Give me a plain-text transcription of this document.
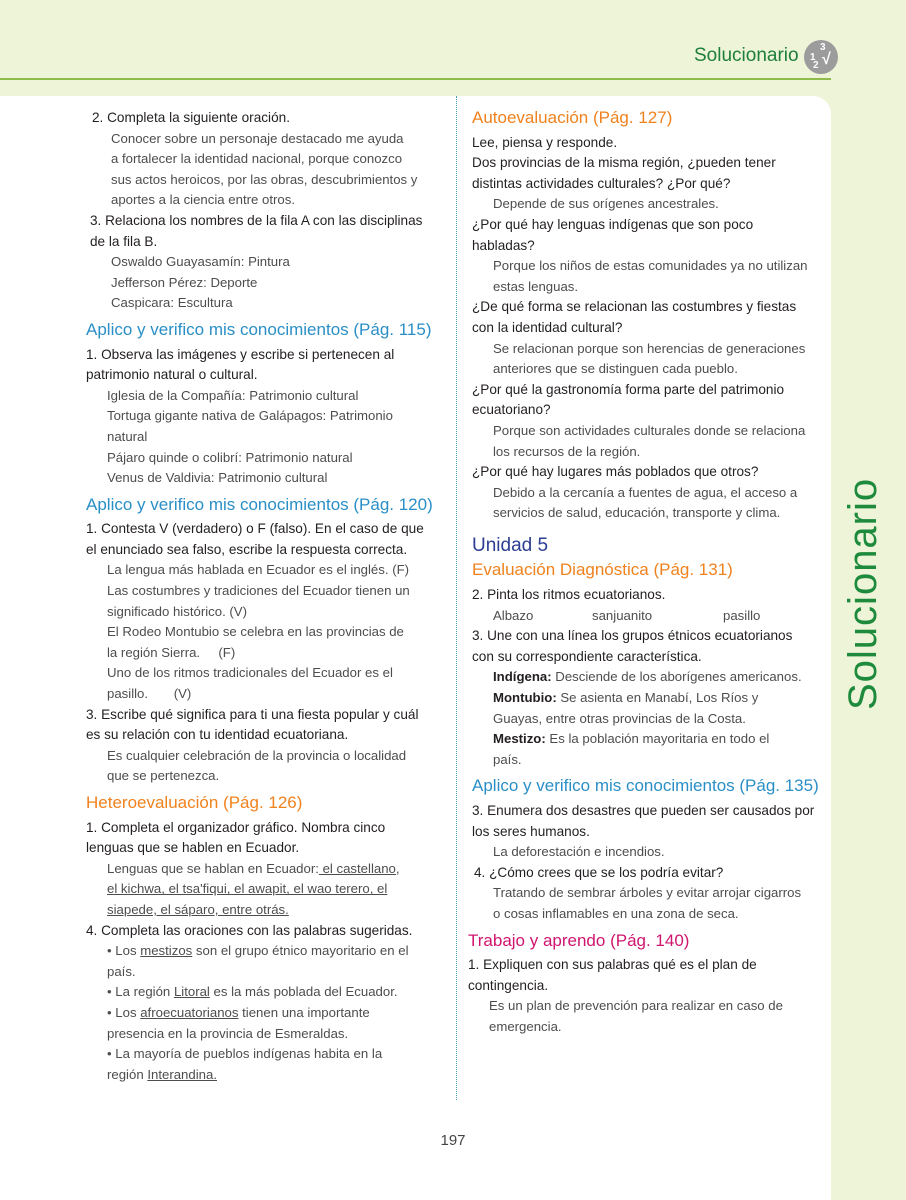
Solucionario 3
1
2 √
Solucionario

2. Completa la siguiente oración.

Conocer sobre un personaje destacado me ayuda

a fortalecer la identidad nacional, porque conozco

sus actos heroicos, por las obras, descubrimientos y

aportes a la ciencia entre otros.

3. Relaciona los nombres de la fila A con las disciplinas

de la fila B.

Oswaldo Guayasamín: Pintura

Jefferson Pérez: Deporte

Caspicara: Escultura

Aplico y verifico mis conocimientos (Pág. 115)

1. Observa las imágenes y escribe si pertenecen al

patrimonio natural o cultural.

Iglesia de la Compañía: Patrimonio cultural

Tortuga gigante nativa de Galápagos: Patrimonio

natural

Pájaro quinde o colibrí: Patrimonio natural

Venus de Valdivia: Patrimonio cultural

Aplico y verifico mis conocimientos (Pág. 120)

1. Contesta V (verdadero) o F (falso). En el caso de que

el enunciado sea falso, escribe la respuesta correcta.

La lengua más hablada en Ecuador es el inglés. (F)

Las costumbres y tradiciones del Ecuador tienen un

significado histórico. (V)

El Rodeo Montubio se celebra en las provincias de

la región Sierra.     (F)

Uno de los ritmos tradicionales del Ecuador es el

pasillo.       (V)

3. Escribe qué significa para ti una fiesta popular y cuál

es su relación con tu identidad ecuatoriana.

Es cualquier celebración de la provincia o localidad

que se pertenezca.

Heteroevaluación (Pág. 126)

1. Completa el organizador gráfico. Nombra cinco

lenguas que se hablen en Ecuador.

Lenguas que se hablan en Ecuador: el castellano,

el kichwa, el tsa'fiqui, el awapit, el wao terero, el

siapede, el sáparo, entre otrás.

4. Completa las oraciones con las palabras sugeridas.

• Los mestizos son el grupo étnico mayoritario en el

país.

• La región Litoral es la más poblada del Ecuador.

• Los afroecuatorianos tienen una importante

presencia en la provincia de Esmeraldas.

• La mayoría de pueblos indígenas habita en la

región Interandina.

Autoevaluación (Pág. 127)

Lee, piensa y responde.

Dos provincias de la misma región, ¿pueden tener

distintas actividades culturales? ¿Por qué?

Depende de sus orígenes ancestrales.

¿Por qué hay lenguas indígenas que son poco

habladas?

Porque los niños de estas comunidades ya no utilizan

estas lenguas.

¿De qué forma se relacionan las costumbres y fiestas

con la identidad cultural?

Se relacionan porque son herencias de generaciones

anteriores que se distinguen cada pueblo.

¿Por qué la gastronomía forma parte del patrimonio

ecuatoriano?

Porque son actividades culturales donde se relaciona

los recursos de la región.

¿Por qué hay lugares más poblados que otros?

Debido a la cercanía a fuentes de agua, el acceso a

servicios de salud, educación, transporte y clima.

Unidad 5

Evaluación Diagnóstica (Pág. 131)

2. Pinta los ritmos ecuatorianos.

Albazo	sanjuanito	pasillo

3. Une con una línea los grupos étnicos ecuatorianos

con su correspondiente característica.

Indígena: Desciende de los aborígenes americanos.

Montubio: Se asienta en Manabí, Los Ríos y

Guayas, entre otras provincias de la Costa.

Mestizo: Es la población mayoritaria en todo el

país.

Aplico y verifico mis conocimientos (Pág. 135)

3. Enumera dos desastres que pueden ser causados por

los seres humanos.

La deforestación e incendios.

4. ¿Cómo crees que se los podría evitar?

Tratando de sembrar árboles y evitar arrojar cigarros

o cosas inflamables en una zona de seca.

Trabajo y aprendo (Pág. 140)

1. Expliquen con sus palabras qué es el plan de

contingencia.

Es un plan de prevención para realizar en caso de

emergencia.

197
